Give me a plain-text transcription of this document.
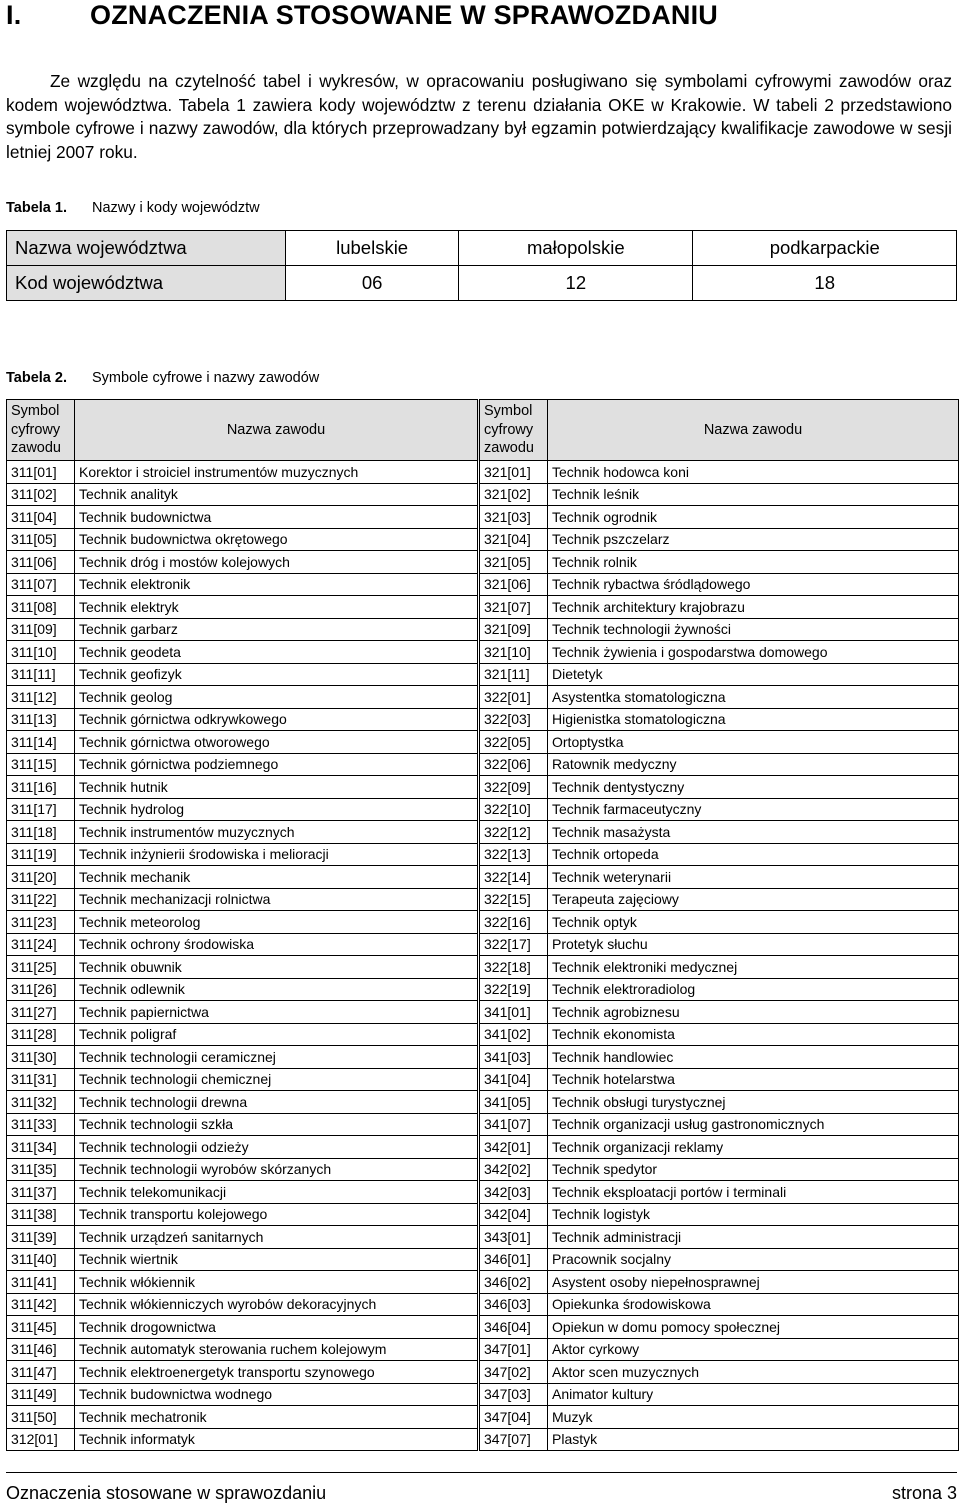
I.	OZNACZENIA STOSOWANE W SPRAWOZDANIU

Ze względu na czytelność tabel i wykresów, w opracowaniu posługiwano się symbolami cyfrowymi zawodów oraz kodem województwa. Tabela 1 zawiera kody województw z terenu działania OKE w Krakowie. W tabeli 2 przedstawiono symbole cyfrowe i nazwy zawodów, dla których przeprowadzany był egzamin potwierdzający kwalifikacje zawodowe w sesji letniej 2007 roku.

Tabela 1. Nazwy i kody województw
Nazwa województwa	lubelskie	małopolskie	podkarpackie
Kod województwa	06	12	18
Tabela 2. Symbole cyfrowe i nazwy zawodów
Symbol
cyfrowy
zawodu	Nazwa zawodu	Symbol
cyfrowy
zawodu	Nazwa zawodu
311[01]	Korektor i stroiciel instrumentów muzycznych	321[01]	Technik hodowca koni
311[02]	Technik analityk	321[02]	Technik leśnik
311[04]	Technik budownictwa	321[03]	Technik ogrodnik
311[05]	Technik budownictwa okrętowego	321[04]	Technik pszczelarz
311[06]	Technik dróg i mostów kolejowych	321[05]	Technik rolnik
311[07]	Technik elektronik	321[06]	Technik rybactwa śródlądowego
311[08]	Technik elektryk	321[07]	Technik architektury krajobrazu
311[09]	Technik garbarz	321[09]	Technik technologii żywności
311[10]	Technik geodeta	321[10]	Technik żywienia i gospodarstwa domowego
311[11]	Technik geofizyk	321[11]	Dietetyk
311[12]	Technik geolog	322[01]	Asystentka stomatologiczna
311[13]	Technik górnictwa odkrywkowego	322[03]	Higienistka stomatologiczna
311[14]	Technik górnictwa otworowego	322[05]	Ortoptystka
311[15]	Technik górnictwa podziemnego	322[06]	Ratownik medyczny
311[16]	Technik hutnik	322[09]	Technik dentystyczny
311[17]	Technik hydrolog	322[10]	Technik farmaceutyczny
311[18]	Technik instrumentów muzycznych	322[12]	Technik masażysta
311[19]	Technik inżynierii środowiska i melioracji	322[13]	Technik ortopeda
311[20]	Technik mechanik	322[14]	Technik weterynarii
311[22]	Technik mechanizacji rolnictwa	322[15]	Terapeuta zajęciowy
311[23]	Technik meteorolog	322[16]	Technik optyk
311[24]	Technik ochrony środowiska	322[17]	Protetyk słuchu
311[25]	Technik obuwnik	322[18]	Technik elektroniki medycznej
311[26]	Technik odlewnik	322[19]	Technik elektroradiolog
311[27]	Technik papiernictwa	341[01]	Technik agrobiznesu
311[28]	Technik poligraf	341[02]	Technik ekonomista
311[30]	Technik technologii ceramicznej	341[03]	Technik handlowiec
311[31]	Technik technologii chemicznej	341[04]	Technik hotelarstwa
311[32]	Technik technologii drewna	341[05]	Technik obsługi turystycznej
311[33]	Technik technologii szkła	341[07]	Technik organizacji usług gastronomicznych
311[34]	Technik technologii odzieży	342[01]	Technik organizacji reklamy
311[35]	Technik technologii wyrobów skórzanych	342[02]	Technik spedytor
311[37]	Technik telekomunikacji	342[03]	Technik eksploatacji portów i terminali
311[38]	Technik transportu kolejowego	342[04]	Technik logistyk
311[39]	Technik urządzeń sanitarnych	343[01]	Technik administracji
311[40]	Technik wiertnik	346[01]	Pracownik socjalny
311[41]	Technik włókiennik	346[02]	Asystent osoby niepełnosprawnej
311[42]	Technik włókienniczych wyrobów dekoracyjnych	346[03]	Opiekunka środowiskowa
311[45]	Technik drogownictwa	346[04]	Opiekun w domu pomocy społecznej
311[46]	Technik automatyk sterowania ruchem kolejowym	347[01]	Aktor cyrkowy
311[47]	Technik elektroenergetyk transportu szynowego	347[02]	Aktor scen muzycznych
311[49]	Technik budownictwa wodnego	347[03]	Animator kultury
311[50]	Technik mechatronik	347[04]	Muzyk
312[01]	Technik informatyk	347[07]	Plastyk
Oznaczenia stosowane w sprawozdaniu	strona 3
